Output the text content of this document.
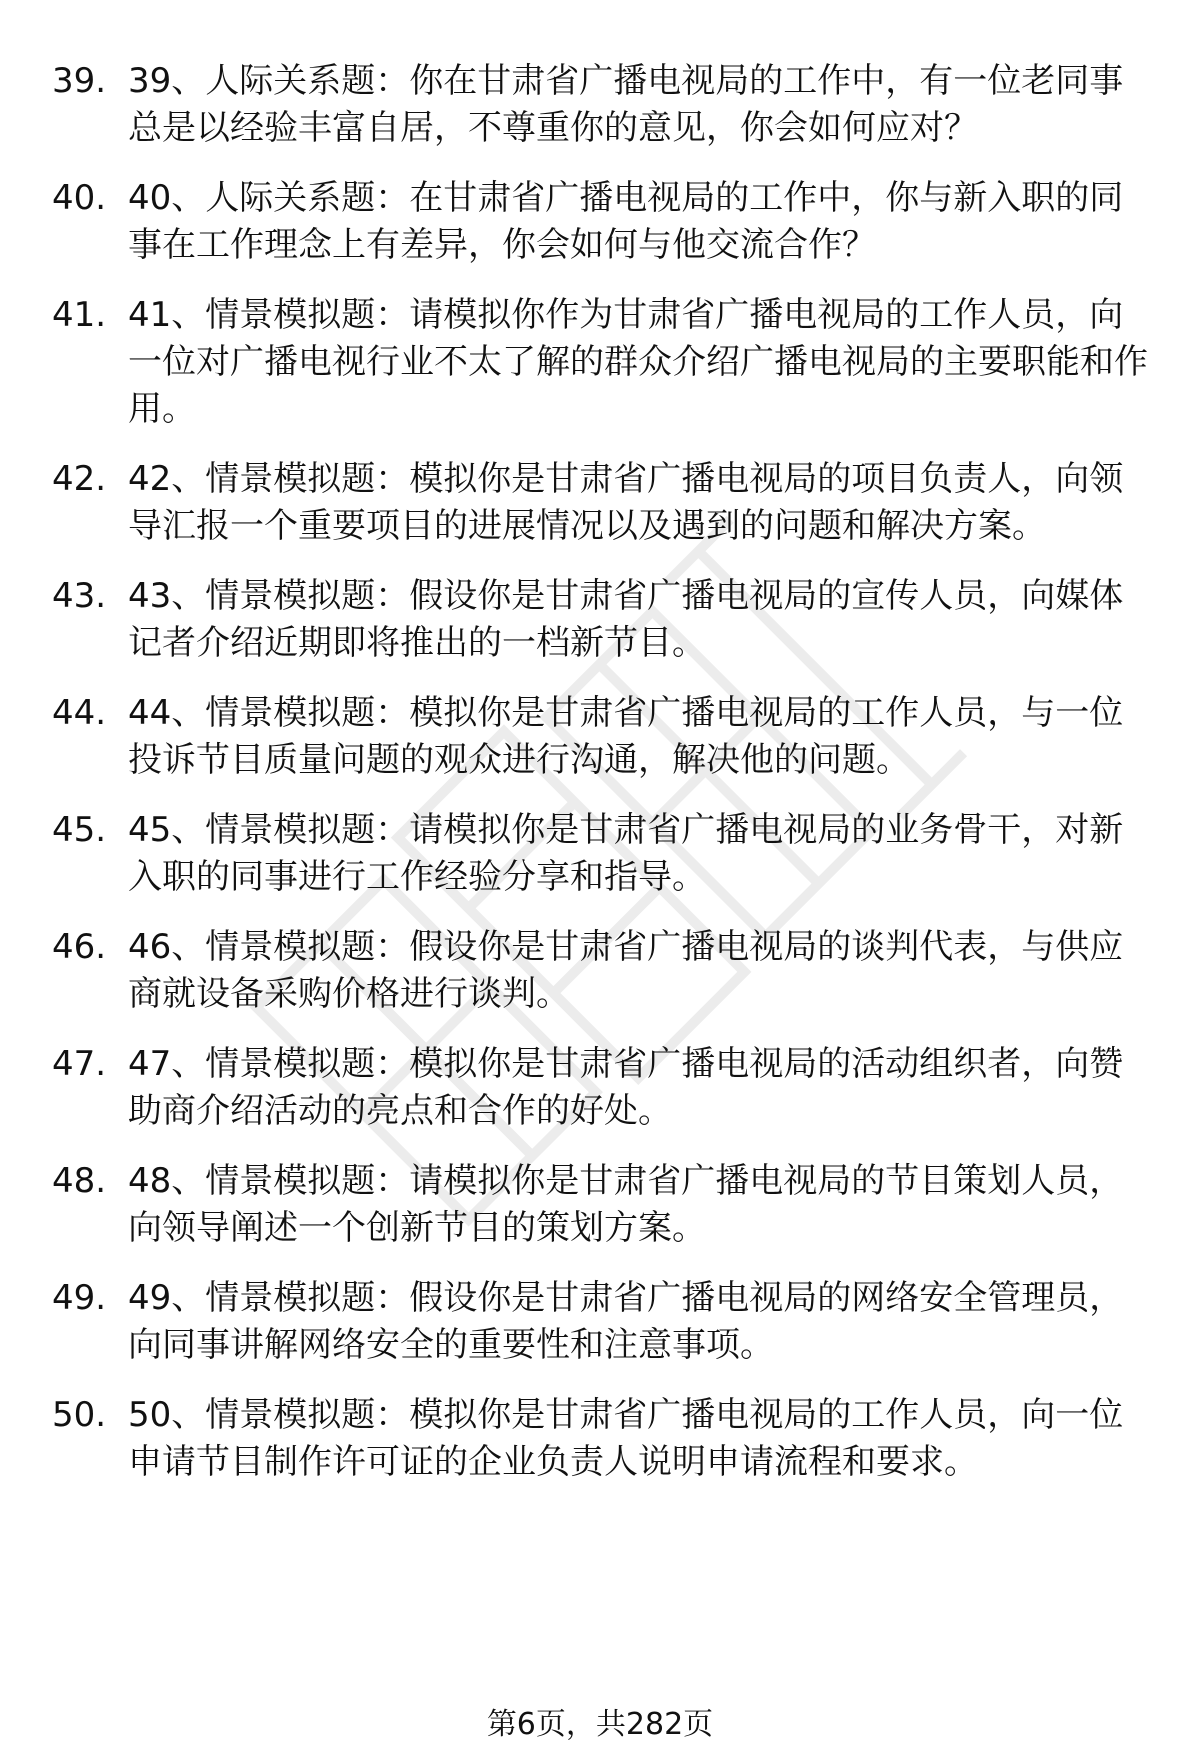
39. 39、人际关系题：你在甘肃省广播电视局的工作中，有一位老同事总是以经验丰富自居，不尊重你的意见，你会如何应对？
40. 40、人际关系题：在甘肃省广播电视局的工作中，你与新入职的同事在工作理念上有差异，你会如何与他交流合作？
41. 41、情景模拟题：请模拟你作为甘肃省广播电视局的工作人员，向一位对广播电视行业不太了解的群众介绍广播电视局的主要职能和作用。
42. 42、情景模拟题：模拟你是甘肃省广播电视局的项目负责人，向领导汇报一个重要项目的进展情况以及遇到的问题和解决方案。
43. 43、情景模拟题：假设你是甘肃省广播电视局的宣传人员，向媒体记者介绍近期即将推出的一档新节目。
44. 44、情景模拟题：模拟你是甘肃省广播电视局的工作人员，与一位投诉节目质量问题的观众进行沟通，解决他的问题。
45. 45、情景模拟题：请模拟你是甘肃省广播电视局的业务骨干，对新入职的同事进行工作经验分享和指导。
46. 46、情景模拟题：假设你是甘肃省广播电视局的谈判代表，与供应商就设备采购价格进行谈判。
47. 47、情景模拟题：模拟你是甘肃省广播电视局的活动组织者，向赞助商介绍活动的亮点和合作的好处。
48. 48、情景模拟题：请模拟你是甘肃省广播电视局的节目策划人员，向领导阐述一个创新节目的策划方案。
49. 49、情景模拟题：假设你是甘肃省广播电视局的网络安全管理员，向同事讲解网络安全的重要性和注意事项。
50. 50、情景模拟题：模拟你是甘肃省广播电视局的工作人员，向一位申请节目制作许可证的企业负责人说明申请流程和要求。
第6页，共282页
